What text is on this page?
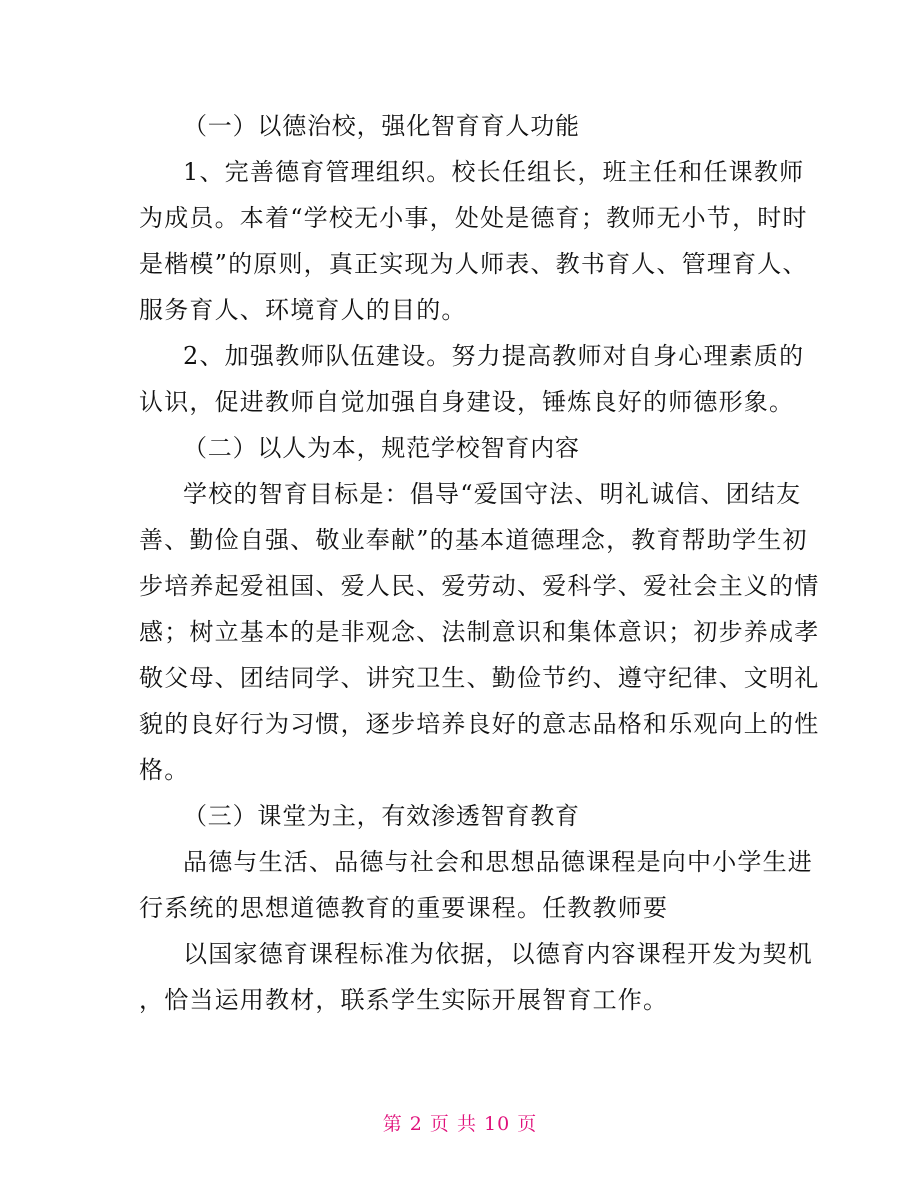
（一）以德治校，强化智育育人功能
1、完善德育管理组织。校长任组长，班主任和任课教师
为成员。本着“学校无小事，处处是德育；教师无小节，时时
是楷模”的原则，真正实现为人师表、教书育人、管理育人、
服务育人、环境育人的目的。
2、加强教师队伍建设。努力提高教师对自身心理素质的
认识，促进教师自觉加强自身建设，锤炼良好的师德形象。
（二）以人为本，规范学校智育内容
学校的智育目标是：倡导“爱国守法、明礼诚信、团结友
善、勤俭自强、敬业奉献”的基本道德理念，教育帮助学生初
步培养起爱祖国、爱人民、爱劳动、爱科学、爱社会主义的情
感；树立基本的是非观念、法制意识和集体意识；初步养成孝
敬父母、团结同学、讲究卫生、勤俭节约、遵守纪律、文明礼
貌的良好行为习惯，逐步培养良好的意志品格和乐观向上的性
格。
（三）课堂为主，有效渗透智育教育
品德与生活、品德与社会和思想品德课程是向中小学生进
行系统的思想道德教育的重要课程。任教教师要
以国家德育课程标准为依据，以德育内容课程开发为契机
，恰当运用教材，联系学生实际开展智育工作。
第 2 页 共 10 页
